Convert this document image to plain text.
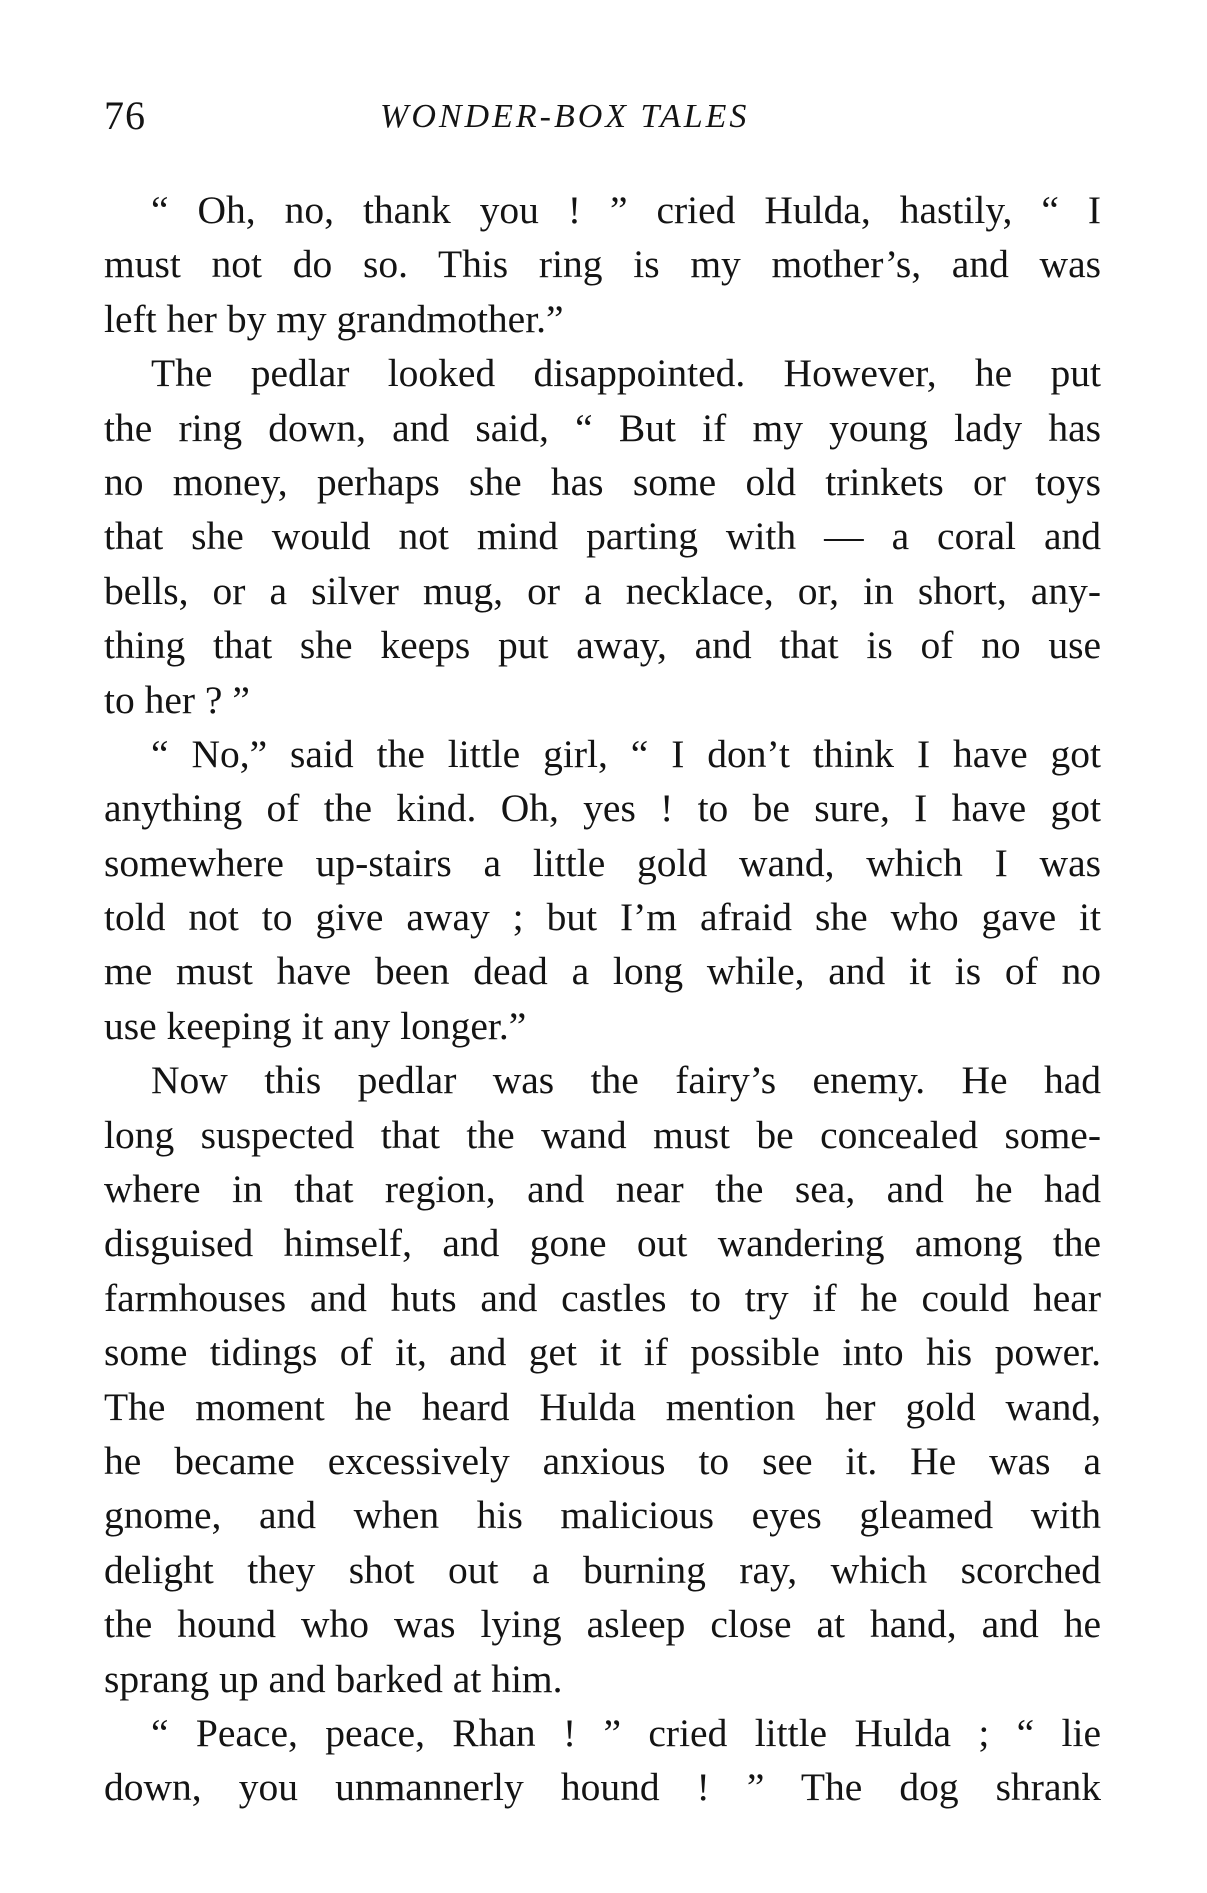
76	WONDER-BOX TALES

“ Oh, no, thank you ! ” cried Hulda, hastily, “ I
must not do so. This ring is my mother’s, and was
left her by my grandmother.”

The pedlar looked disappointed. However, he put
the ring down, and said, “ But if my young lady has
no money, perhaps she has some old trinkets or toys
that she would not mind parting with — a coral and
bells, or a silver mug, or a necklace, or, in short, any-
thing that she keeps put away, and that is of no use
to her ? ”

“ No,” said the little girl, “ I don’t think I have got
anything of the kind. Oh, yes ! to be sure, I have got
somewhere up-stairs a little gold wand, which I was
told not to give away ; but I’m afraid she who gave it
me must have been dead a long while, and it is of no
use keeping it any longer.”

Now this pedlar was the fairy’s enemy. He had
long suspected that the wand must be concealed some-
where in that region, and near the sea, and he had
disguised himself, and gone out wandering among the
farmhouses and huts and castles to try if he could hear
some tidings of it, and get it if possible into his power.
The moment he heard Hulda mention her gold wand,
he became excessively anxious to see it. He was a
gnome, and when his malicious eyes gleamed with
delight they shot out a burning ray, which scorched
the hound who was lying asleep close at hand, and he
sprang up and barked at him.

“ Peace, peace, Rhan ! ” cried little Hulda ; “ lie
down, you unmannerly hound ! ” The dog shrank
